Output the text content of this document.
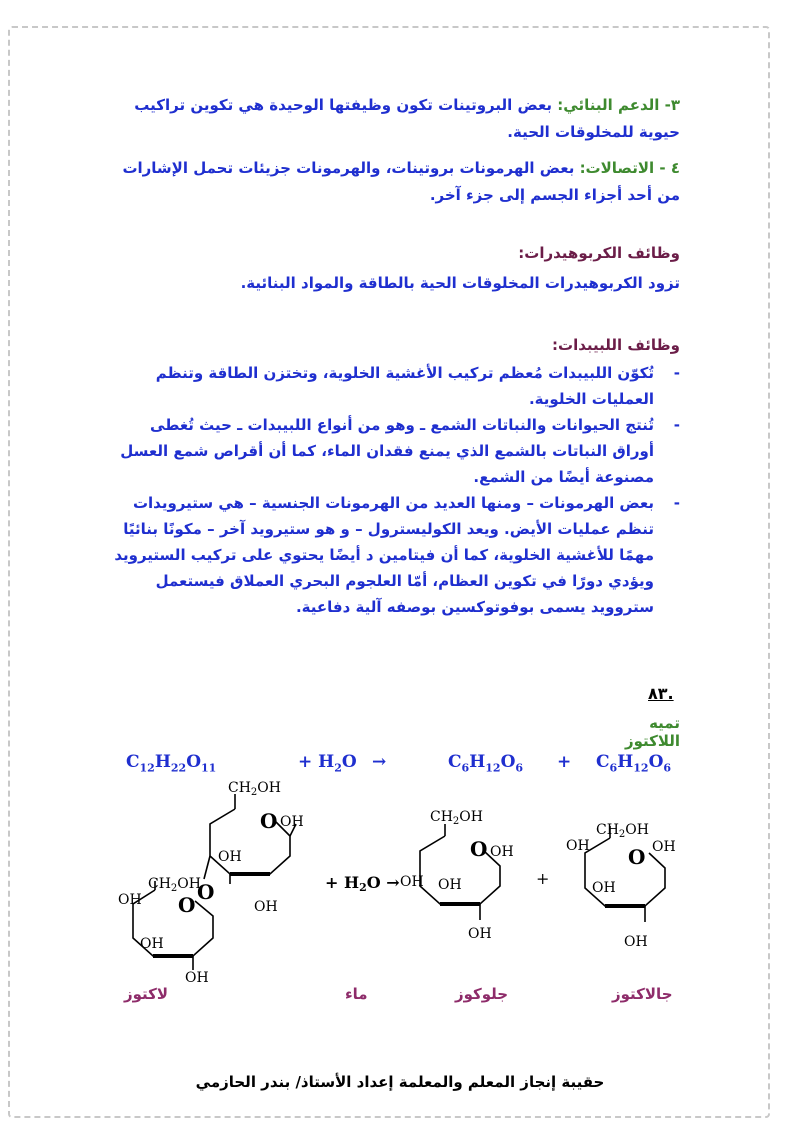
٣- الدعم البنائي: بعض البروتينات تكون وظيفتها الوحيدة هي تكوين تراكيب حيوية للمخلوقات الحية.
٤ - الاتصالات: بعض الهرمونات بروتينات، والهرمونات جزيئات تحمل الإشارات من أحد أجزاء الجسم إلى جزء آخر.
وظائف الكربوهيدرات:
تزود الكربوهيدرات المخلوقات الحية بالطاقة والمواد البنائية.
وظائف اللبيبدات:
- تُكوّن اللبيبدات مُعظم تركيب الأغشية الخلوية، وتختزن الطاقة وتنظم العمليات الخلوية.
- تُنتج الحيوانات والنباتات الشمع ـ وهو من أنواع اللبيبدات ـ حيث تُغطى أوراق النباتات بالشمع الذي يمنع فقدان الماء، كما أن أقراص شمع العسل مصنوعة أيضًا من الشمع.
- بعض الهرمونات – ومنها العديد من الهرمونات الجنسية – هي ستيرويدات تنظم عمليات الأيض. ويعد الكوليسترول – و هو ستيرويد آخر – مكونًا بنائيًا مهمًا للأغشية الخلوية، كما أن فيتامين د أيضًا يحتوي على تركيب الستيرويد ويؤدي دورًا في تكوين العظام، أمّا العلجوم البحري العملاق فيستعمل ستروويد يسمى بوفوتوكسين بوصفه آلية دفاعية.
٨٣.
تميه اللاكتوز
$C_{12}H_{22}O_{11}$	+ $H_2O$ →	$C_6H_{12}O_6 + C_6H_{12}O_6$
$CH_2OH$
O OH
OH
OH
$CH_2OH$
O
OH O
OH
OH
+ H2O →
$CH_2OH$
O OH
OH OH
OH
+
$CH_2OH$
OH O OH
OH
OH
لاكتوز	ماء	جلوكوز	جالاكتوز
حقيبة إنجاز المعلم والمعلمة إعداد الأستاذ/ بندر الحازمي
